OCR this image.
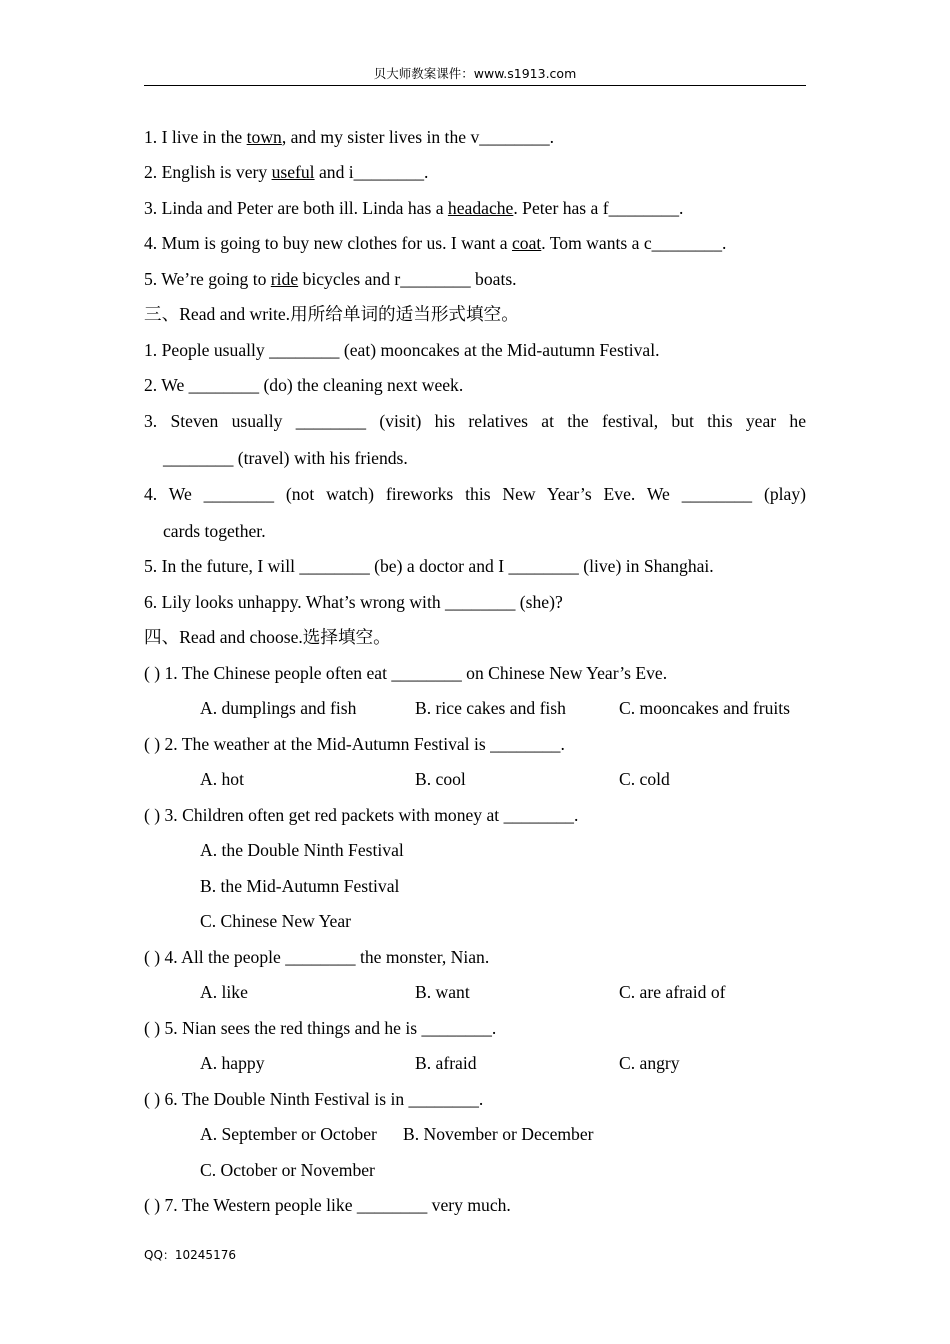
贝大师教案课件：www.s1913.com
1. I live in the town, and my sister lives in the v________.
2. English is very useful and i________.
3. Linda and Peter are both ill. Linda has a headache. Peter has a f________.
4. Mum is going to buy new clothes for us. I want a coat. Tom wants a c________.
5. We’re going to ride bicycles and r________ boats.
三、Read and write.用所给单词的适当形式填空。
1. People usually ________ (eat) mooncakes at the Mid-autumn Festival.
2. We ________ (do) the cleaning next week.
3. Steven usually ________ (visit) his relatives at the festival, but this year he
________ (travel) with his friends.
4. We ________ (not watch) fireworks this New Year’s Eve. We ________ (play)
cards together.
5. In the future, I will ________ (be) a doctor and I ________ (live) in Shanghai.
6. Lily looks unhappy. What’s wrong with ________ (she)?
四、Read and choose.选择填空。
( ) 1. The Chinese people often eat ________ on Chinese New Year’s Eve.
A. dumplings and fish	B. rice cakes and fish	C. mooncakes and fruits
( ) 2. The weather at the Mid-Autumn Festival is ________.
A. hot	B. cool	C. cold
( ) 3. Children often get red packets with money at ________.
A. the Double Ninth Festival
B. the Mid-Autumn Festival
C. Chinese New Year
( ) 4. All the people ________ the monster, Nian.
A. like	B. want	C. are afraid of
( ) 5. Nian sees the red things and he is ________.
A. happy	B. afraid	C. angry
( ) 6. The Double Ninth Festival is in ________.
A. September or October B. November or December
C. October or November
( ) 7. The Western people like ________ very much.
QQ：10245176
